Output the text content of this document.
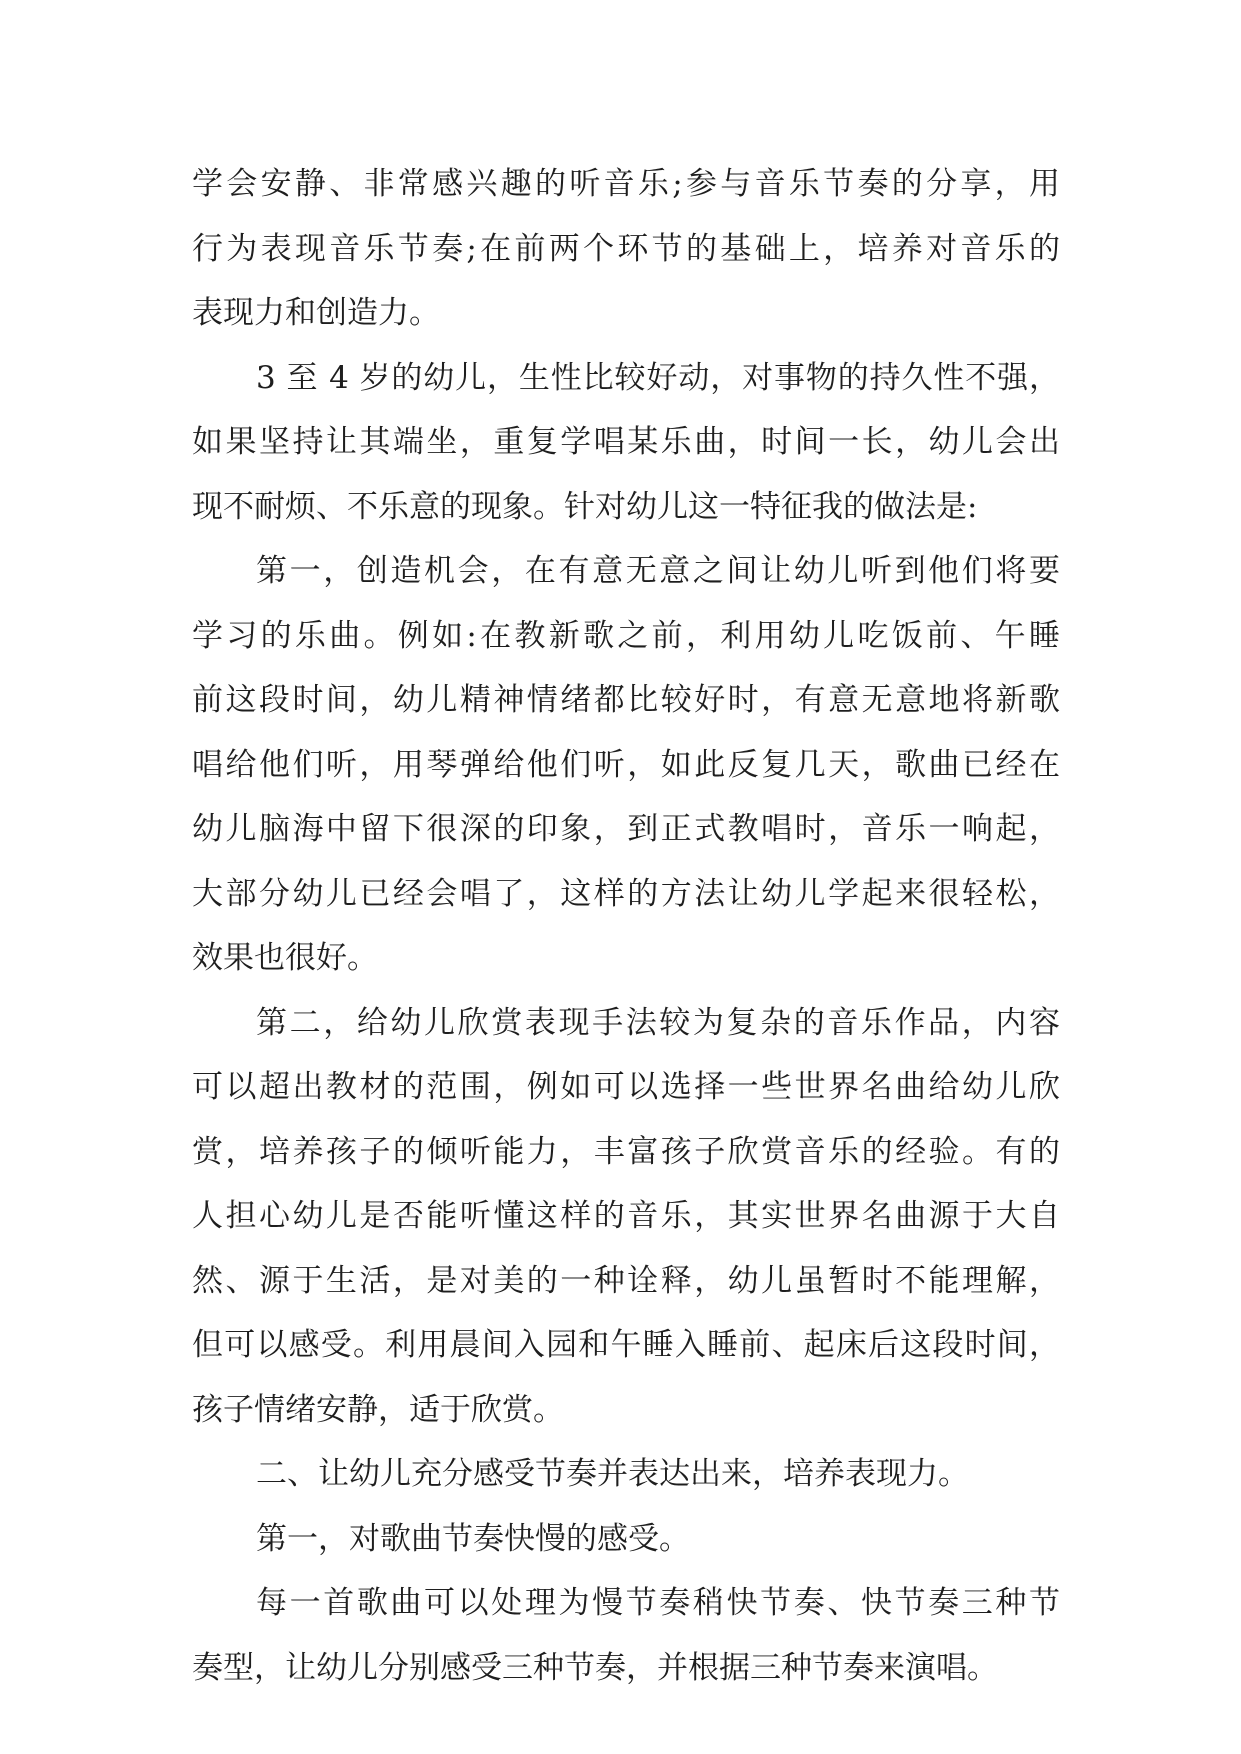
学会安静、非常感兴趣的听音乐;参与音乐节奏的分享，用
行为表现音乐节奏;在前两个环节的基础上，培养对音乐的
表现力和创造力。
3 至 4 岁的幼儿，生性比较好动，对事物的持久性不强，
如果坚持让其端坐，重复学唱某乐曲，时间一长，幼儿会出
现不耐烦、不乐意的现象。针对幼儿这一特征我的做法是:
第一，创造机会，在有意无意之间让幼儿听到他们将要
学习的乐曲。例如:在教新歌之前，利用幼儿吃饭前、午睡
前这段时间，幼儿精神情绪都比较好时，有意无意地将新歌
唱给他们听，用琴弹给他们听，如此反复几天，歌曲已经在
幼儿脑海中留下很深的印象，到正式教唱时，音乐一响起，
大部分幼儿已经会唱了，这样的方法让幼儿学起来很轻松，
效果也很好。
第二，给幼儿欣赏表现手法较为复杂的音乐作品，内容
可以超出教材的范围，例如可以选择一些世界名曲给幼儿欣
赏，培养孩子的倾听能力，丰富孩子欣赏音乐的经验。有的
人担心幼儿是否能听懂这样的音乐，其实世界名曲源于大自
然、源于生活，是对美的一种诠释，幼儿虽暂时不能理解，
但可以感受。利用晨间入园和午睡入睡前、起床后这段时间，
孩子情绪安静，适于欣赏。
二、让幼儿充分感受节奏并表达出来，培养表现力。
第一，对歌曲节奏快慢的感受。
每一首歌曲可以处理为慢节奏稍快节奏、快节奏三种节
奏型，让幼儿分别感受三种节奏，并根据三种节奏来演唱。
